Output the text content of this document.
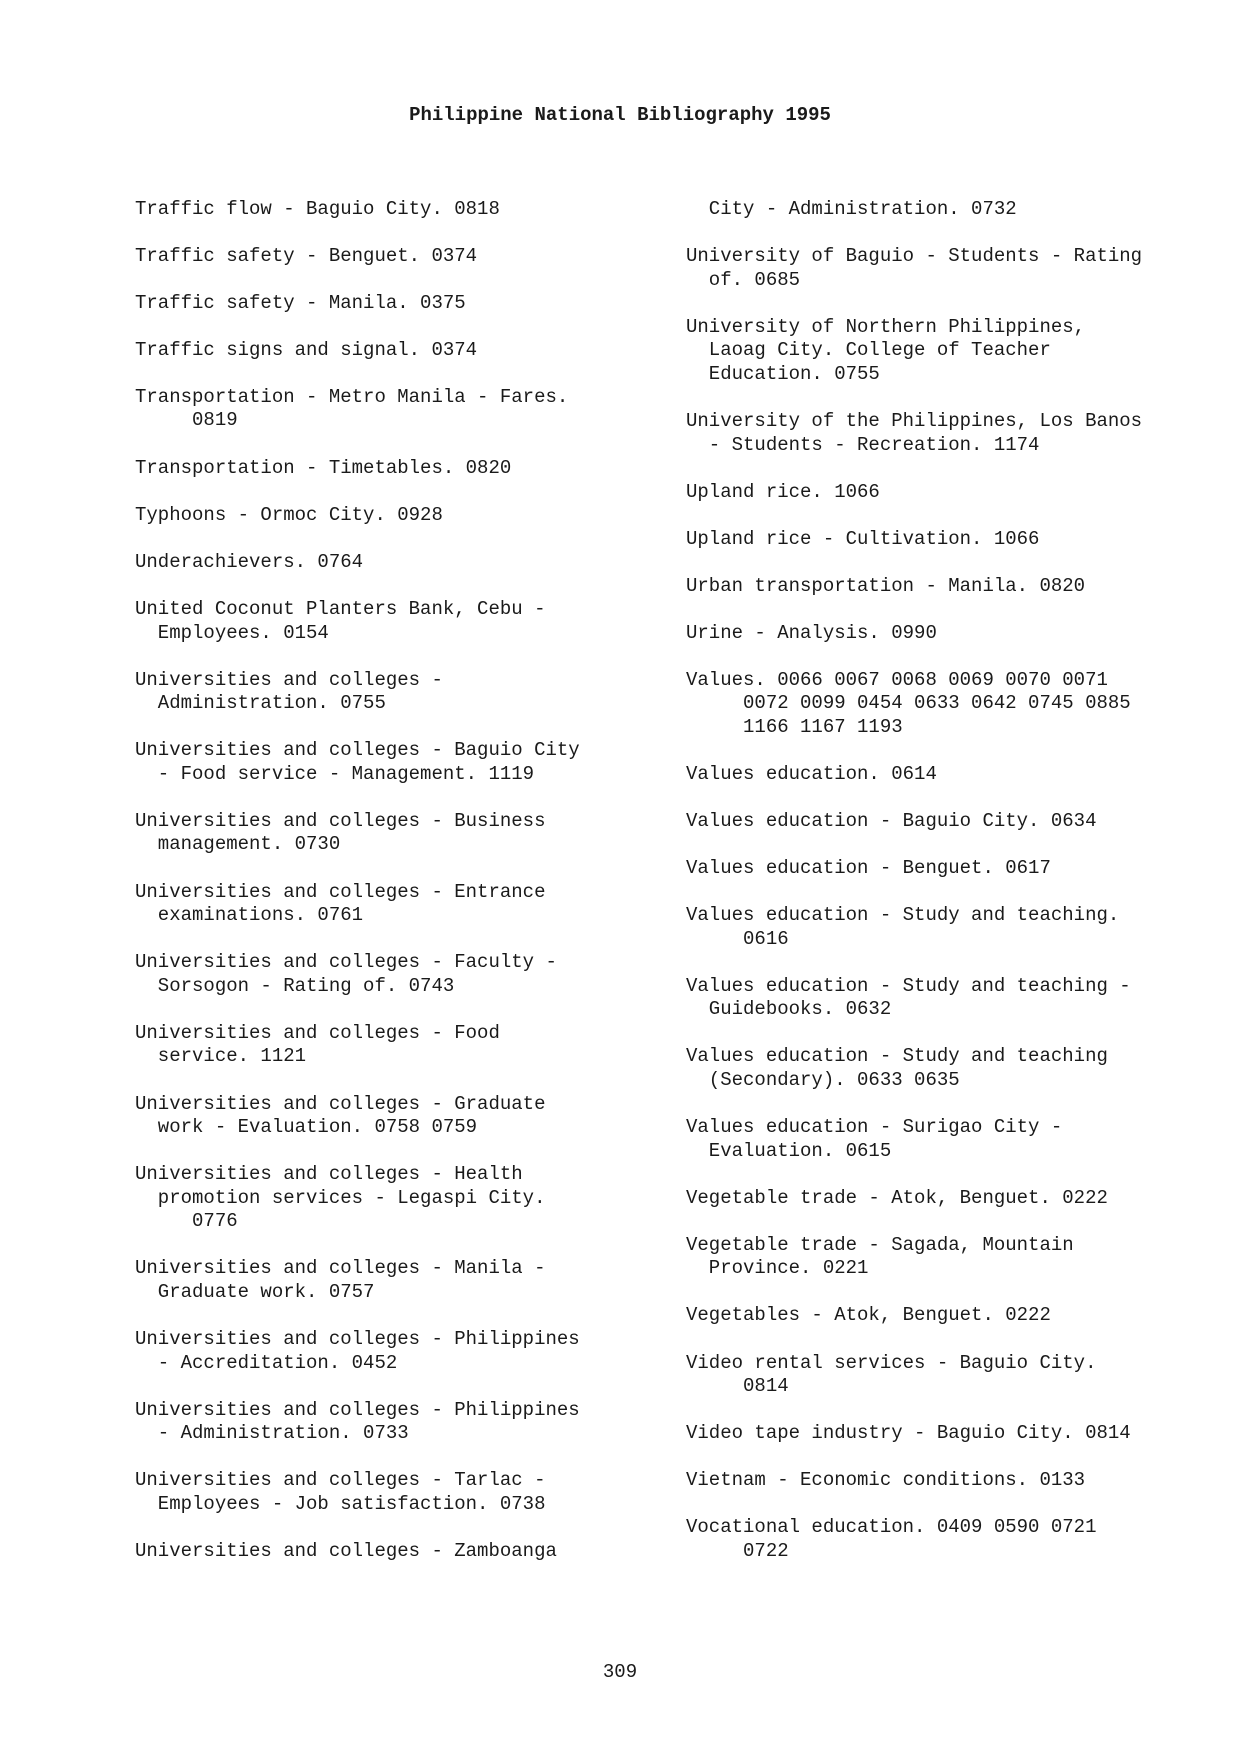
Philippine National Bibliography 1995
Traffic flow - Baguio City. 0818
Traffic safety - Benguet. 0374
Traffic safety - Manila. 0375
Traffic signs and signal. 0374
Transportation - Metro Manila - Fares.
0819
Transportation - Timetables. 0820
Typhoons - Ormoc City. 0928
Underachievers. 0764
United Coconut Planters Bank, Cebu -
Employees. 0154
Universities and colleges -
Administration. 0755
Universities and colleges - Baguio City
- Food service - Management. 1119
Universities and colleges - Business
management. 0730
Universities and colleges - Entrance
examinations. 0761
Universities and colleges - Faculty -
Sorsogon - Rating of. 0743
Universities and colleges - Food
service. 1121
Universities and colleges - Graduate
work - Evaluation. 0758 0759
Universities and colleges - Health
promotion services - Legaspi City.
0776
Universities and colleges - Manila -
Graduate work. 0757
Universities and colleges - Philippines
- Accreditation. 0452
Universities and colleges - Philippines
- Administration. 0733
Universities and colleges - Tarlac -
Employees - Job satisfaction. 0738
Universities and colleges - Zamboanga
City - Administration. 0732
University of Baguio - Students - Rating
of. 0685
University of Northern Philippines,
Laoag City. College of Teacher
Education. 0755
University of the Philippines, Los Banos
- Students - Recreation. 1174
Upland rice. 1066
Upland rice - Cultivation. 1066
Urban transportation - Manila. 0820
Urine - Analysis. 0990
Values. 0066 0067 0068 0069 0070 0071
0072 0099 0454 0633 0642 0745 0885
1166 1167 1193
Values education. 0614
Values education - Baguio City. 0634
Values education - Benguet. 0617
Values education - Study and teaching.
0616
Values education - Study and teaching -
Guidebooks. 0632
Values education - Study and teaching
(Secondary). 0633 0635
Values education - Surigao City -
Evaluation. 0615
Vegetable trade - Atok, Benguet. 0222
Vegetable trade - Sagada, Mountain
Province. 0221
Vegetables - Atok, Benguet. 0222
Video rental services - Baguio City.
0814
Video tape industry - Baguio City. 0814
Vietnam - Economic conditions. 0133
Vocational education. 0409 0590 0721
0722
309
